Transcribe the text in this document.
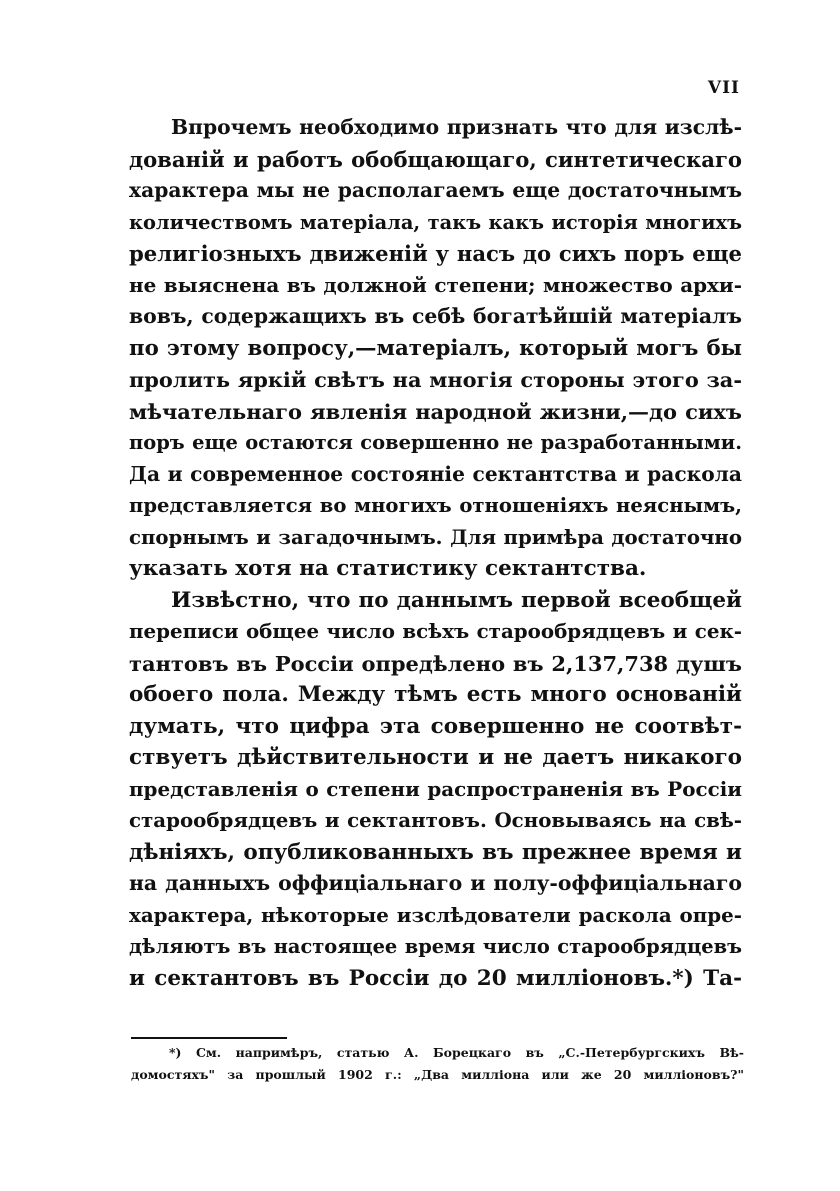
VII
Впрочемъ необходимо признать что для изслѣ-
дованій и работъ обобщающаго, синтетическаго
характера мы не располагаемъ еще достаточнымъ
количествомъ матеріала, такъ какъ исторія многихъ
религіозныхъ движеній у насъ до сихъ поръ еще
не выяснена въ должной степени; множество архи-
вовъ, содержащихъ въ себѣ богатѣйшій матеріалъ
по этому вопросу,—матеріалъ, который могъ бы
пролить яркій свѣтъ на многія стороны этого за-
мѣчательнаго явленія народной жизни,—до сихъ
поръ еще остаются совершенно не разработанными.
Да и современное состояніе сектантства и раскола
представляется во многихъ отношеніяхъ неяснымъ,
спорнымъ и загадочнымъ. Для примѣра достаточно
указать хотя на статистику сектантства.
Извѣстно, что по даннымъ первой всеобщей
переписи общее число всѣхъ старообрядцевъ и сек-
тантовъ въ Россіи опредѣлено въ 2,137,738 душъ
обоего пола. Между тѣмъ есть много основаній
думать, что цифра эта совершенно не соотвѣт-
ствуетъ дѣйствительности и не даетъ никакого
представленія о степени распространенія въ Россіи
старообрядцевъ и сектантовъ. Основываясь на свѣ-
дѣніяхъ, опубликованныхъ въ прежнее время и
на данныхъ оффиціальнаго и полу-оффиціальнаго
характера, нѣкоторые изслѣдователи раскола опре-
дѣляютъ въ настоящее время число старообрядцевъ
и сектантовъ въ Россіи до 20 милліоновъ.*) Та-
*) См. напримѣръ, статью А. Борецкаго въ „С.-Петербургскихъ Вѣ-
домостяхъ" за прошлый 1902 г.: „Два милліона или же 20 милліоновъ?"
